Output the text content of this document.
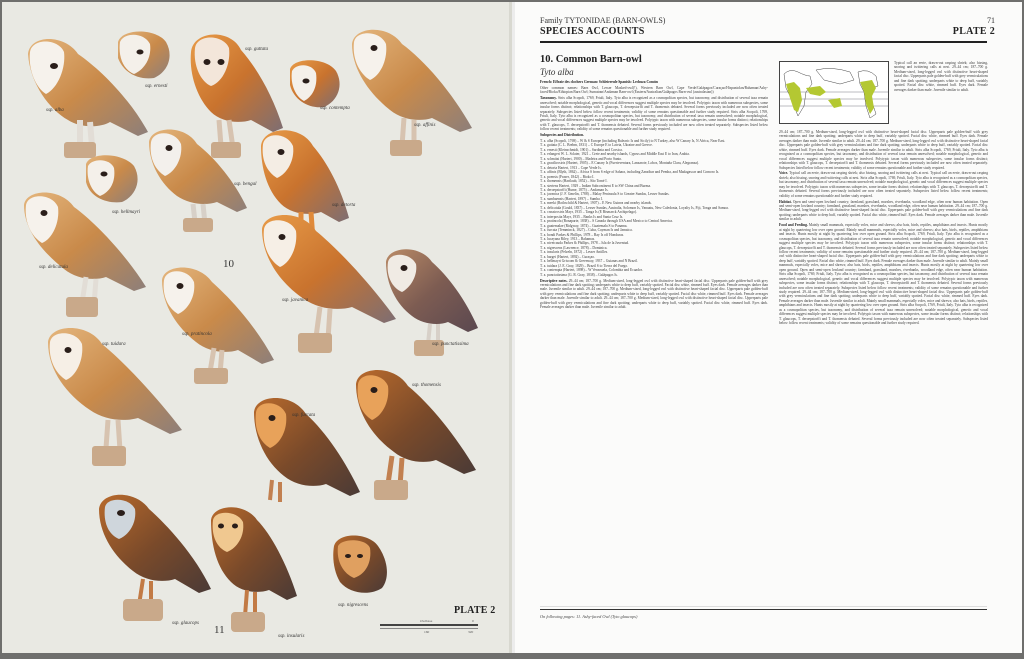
ssp. alba
ssp. ernesti
ssp. guttata
ssp. contempta
ssp. affinis
ssp. bengal
ssp. hellmayri
ssp. detorta
ssp. delicatula
ssp. pratincola
ssp. javanica
ssp. punctatissima
ssp. tuidara
ssp. thomensis
ssp. furcata
ssp. glaucops
ssp. insularis
ssp. nigrescens
10
11
PLATE 2
Owlbase	0
160	320
Family TYTONIDAE (BARN-OWLS)	71
SPECIES ACCOUNTS	PLATE 2
10. Common Barn-owl
Tyto alba

French: Effraie des clochers German: Schleiereule Spanish: Lechuza Común

Other common names: Barn Owl, Lesser Masked-owl(!), Western Barn Owl, Cape Verde/Galápagos/Curaçao/Hispaniolan/Bahaman/Ashy-faced/Bioko/Ethiopian Barn Owl; Sumatran/Andaman Barn-owl (Eastern/Australian/Galápagos Barn-owl (australasian))

Taxonomy. Strix alba Scopoli, 1769, Friuli, Italy. Tyto alba is recognized as a cosmopolitan species, but taxonomy, and distribution of several taxa remain unresolved; notable morphological, genetic and vocal differences suggest multiple species may be involved. Polytypic taxon with numerous subspecies, some insular forms distinct; relationships with T. glaucops, T. deroepstorffi and T. thomensis debated. Several forms previously included are now often treated separately. Subspecies listed below follow recent treatments; validity of some remains questionable and further study required. Strix alba Scopoli, 1769, Friuli, Italy. Tyto alba is recognized as a cosmopolitan species, but taxonomy, and distribution of several taxa remain unresolved; notable morphological, genetic and vocal differences suggest multiple species may be involved. Polytypic taxon with numerous subspecies, some insular forms distinct; relationships with T. glaucops, T. deroepstorffi and T. thomensis debated. Several forms previously included are now often treated separately. Subspecies listed below follow recent treatments; validity of some remains questionable and further study required.

Subspecies and Distribution.

T. a. alba (Scopoli, 1769) – W & S Europe (including Balearic Is and Sicily) to N Turkey, also W Canary Is, N Africa, Near East.
T. a. guttata (C. L. Brehm, 1831) – C Europe E to Latvia, Ukraine and Greece.
T. a. ernesti (Kleinschmidt, 1901) – Sardinia and Corsica.
T. a. erlangeri W. L. Sclater, 1921 – Crete and nearby islands, Cyprus and Middle East E to Iran, Arabia.
T. a. schmitzi (Hartert, 1900) – Madeira and Porto Santo.
T. a. gracilirostris (Hartert, 1905) – E Canary Is (Fuerteventura, Lanzarote, Lobos, Montaña Clara, Alegranza).
T. a. detorta Hartert, 1913 – Cape Verde Is.
T. a. affinis (Blyth, 1862) – Africa S from S edge of Sahara, including Zanzibar and Pemba, and Madagascar and Comoro Is.
T. a. poensis (Fraser, 1842) – Bioko I.
T. a. thomensis (Hartlaub, 1852) – São Tomé I.
T. a. stertens Hartert, 1929 – Indian Subcontinent E to SW China and Burma.
T. a. deroepstorffi (Hume, 1875) – Andaman Is.
T. a. javanica (J. F. Gmelin, 1788) – Malay Peninsula S to Greater Sundas, Lesser Sundas.
T. a. sumbaensis (Hartert, 1897) – Sumba I.
T. a. meeki (Rothschild & Hartert, 1907) – E New Guinea and nearby islands.
T. a. delicatula (Gould, 1837) – Lesser Sundas, Australia, Solomon Is, Vanuatu, New Caledonia, Loyalty Is, Fiji, Tonga and Samoa.
T. a. crassirostris Mayr, 1935 – Tanga Is (E Bismarck Archipelago).
T. a. interposita Mayr, 1935 – Banks Is and Santa Cruz Is.
T. a. pratincola (Bonaparte, 1838) – S Canada through USA and Mexico to Central America.
T. a. guatemalae (Ridgway, 1874) – Guatemala S to Panama.
T. a. furcata (Temminck, 1827) – Cuba, Cayman Is and Jamaica.
T. a. bondi Parkes & Phillips, 1978 – Bay Is off Honduras.
T. a. lucayana Riley, 1913 – Bahamas.
T. a. niveicauda Parkes & Phillips, 1978 – Isla de la Juventud.
T. a. nigrescens (Lawrence, 1878) – Dominica.
T. a. insularis (Pelzeln, 1872) – Lesser Antilles.
T. a. bargei (Hartert, 1892) – Curaçao.
T. a. hellmayri Griscom & Greenway, 1937 – Guianas and N Brazil.
T. a. tuidara (J. E. Gray, 1829) – Brazil S to Tierra del Fuego.
T. a. contempta (Hartert, 1898) – W Venezuela, Colombia and Ecuador.
T. a. punctatissima (G. R. Gray, 1838) – Galápagos Is.

Descriptive notes. 29–44 cm; 187–700 g. Medium-sized, long-legged owl with distinctive heart-shaped facial disc. Upperparts pale golden-buff with grey vermiculations and fine dark spotting; underparts white to deep buff, variably spotted. Facial disc white, rimmed buff. Eyes dark. Female averages darker than male. Juvenile similar to adult. 29–44 cm; 187–700 g. Medium-sized, long-legged owl with distinctive heart-shaped facial disc. Upperparts pale golden-buff with grey vermiculations and fine dark spotting; underparts white to deep buff, variably spotted. Facial disc white, rimmed buff. Eyes dark. Female averages darker than male. Juvenile similar to adult. 29–44 cm; 187–700 g. Medium-sized, long-legged owl with distinctive heart-shaped facial disc. Upperparts pale golden-buff with grey vermiculations and fine dark spotting; underparts white to deep buff, variably spotted. Facial disc white, rimmed buff. Eyes dark. Female averages darker than male. Juvenile similar to adult.

Typical call an eerie, drawn-out rasping shriek; also hissing, snoring and twittering calls at nest. 29–44 cm; 187–700 g. Medium-sized, long-legged owl with distinctive heart-shaped facial disc. Upperparts pale golden-buff with grey vermiculations and fine dark spotting; underparts white to deep buff, variably spotted. Facial disc white, rimmed buff. Eyes dark. Female averages darker than male. Juvenile similar to adult.

29–44 cm; 187–700 g. Medium-sized, long-legged owl with distinctive heart-shaped facial disc. Upperparts pale golden-buff with grey vermiculations and fine dark spotting; underparts white to deep buff, variably spotted. Facial disc white, rimmed buff. Eyes dark. Female averages darker than male. Juvenile similar to adult. 29–44 cm; 187–700 g. Medium-sized, long-legged owl with distinctive heart-shaped facial disc. Upperparts pale golden-buff with grey vermiculations and fine dark spotting; underparts white to deep buff, variably spotted. Facial disc white, rimmed buff. Eyes dark. Female averages darker than male. Juvenile similar to adult. Strix alba Scopoli, 1769, Friuli, Italy. Tyto alba is recognized as a cosmopolitan species, but taxonomy, and distribution of several taxa remain unresolved; notable morphological, genetic and vocal differences suggest multiple species may be involved. Polytypic taxon with numerous subspecies, some insular forms distinct; relationships with T. glaucops, T. deroepstorffi and T. thomensis debated. Several forms previously included are now often treated separately. Subspecies listed below follow recent treatments; validity of some remains questionable and further study required.

Voice. Typical call an eerie, drawn-out rasping shriek; also hissing, snoring and twittering calls at nest. Typical call an eerie, drawn-out rasping shriek; also hissing, snoring and twittering calls at nest. Strix alba Scopoli, 1769, Friuli, Italy. Tyto alba is recognized as a cosmopolitan species, but taxonomy, and distribution of several taxa remain unresolved; notable morphological, genetic and vocal differences suggest multiple species may be involved. Polytypic taxon with numerous subspecies, some insular forms distinct; relationships with T. glaucops, T. deroepstorffi and T. thomensis debated. Several forms previously included are now often treated separately. Subspecies listed below follow recent treatments; validity of some remains questionable and further study required.

Habitat. Open and semi-open lowland country; farmland, grassland, marshes, riverbanks, woodland edge, often near human habitation. Open and semi-open lowland country; farmland, grassland, marshes, riverbanks, woodland edge, often near human habitation. 29–44 cm; 187–700 g. Medium-sized, long-legged owl with distinctive heart-shaped facial disc. Upperparts pale golden-buff with grey vermiculations and fine dark spotting; underparts white to deep buff, variably spotted. Facial disc white, rimmed buff. Eyes dark. Female averages darker than male. Juvenile similar to adult.

Food and Feeding. Mainly small mammals, especially voles, mice and shrews; also bats, birds, reptiles, amphibians and insects. Hunts mostly at night by quartering low over open ground. Mainly small mammals, especially voles, mice and shrews; also bats, birds, reptiles, amphibians and insects. Hunts mostly at night by quartering low over open ground. Strix alba Scopoli, 1769, Friuli, Italy. Tyto alba is recognized as a cosmopolitan species, but taxonomy, and distribution of several taxa remain unresolved; notable morphological, genetic and vocal differences suggest multiple species may be involved. Polytypic taxon with numerous subspecies, some insular forms distinct; relationships with T. glaucops, T. deroepstorffi and T. thomensis debated. Several forms previously included are now often treated separately. Subspecies listed below follow recent treatments; validity of some remains questionable and further study required. 29–44 cm; 187–700 g. Medium-sized, long-legged owl with distinctive heart-shaped facial disc. Upperparts pale golden-buff with grey vermiculations and fine dark spotting; underparts white to deep buff, variably spotted. Facial disc white, rimmed buff. Eyes dark. Female averages darker than male. Juvenile similar to adult. Mainly small mammals, especially voles, mice and shrews; also bats, birds, reptiles, amphibians and insects. Hunts mostly at night by quartering low over open ground. Open and semi-open lowland country; farmland, grassland, marshes, riverbanks, woodland edge, often near human habitation. Strix alba Scopoli, 1769, Friuli, Italy. Tyto alba is recognized as a cosmopolitan species, but taxonomy, and distribution of several taxa remain unresolved; notable morphological, genetic and vocal differences suggest multiple species may be involved. Polytypic taxon with numerous subspecies, some insular forms distinct; relationships with T. glaucops, T. deroepstorffi and T. thomensis debated. Several forms previously included are now often treated separately. Subspecies listed below follow recent treatments; validity of some remains questionable and further study required. 29–44 cm; 187–700 g. Medium-sized, long-legged owl with distinctive heart-shaped facial disc. Upperparts pale golden-buff with grey vermiculations and fine dark spotting; underparts white to deep buff, variably spotted. Facial disc white, rimmed buff. Eyes dark. Female averages darker than male. Juvenile similar to adult. Mainly small mammals, especially voles, mice and shrews; also bats, birds, reptiles, amphibians and insects. Hunts mostly at night by quartering low over open ground. Strix alba Scopoli, 1769, Friuli, Italy. Tyto alba is recognized as a cosmopolitan species, but taxonomy, and distribution of several taxa remain unresolved; notable morphological, genetic and vocal differences suggest multiple species may be involved. Polytypic taxon with numerous subspecies, some insular forms distinct; relationships with T. glaucops, T. deroepstorffi and T. thomensis debated. Several forms previously included are now often treated separately. Subspecies listed below follow recent treatments; validity of some remains questionable and further study required.

On following pages: 11. Ashy-faced Owl (Tyto glaucops)
